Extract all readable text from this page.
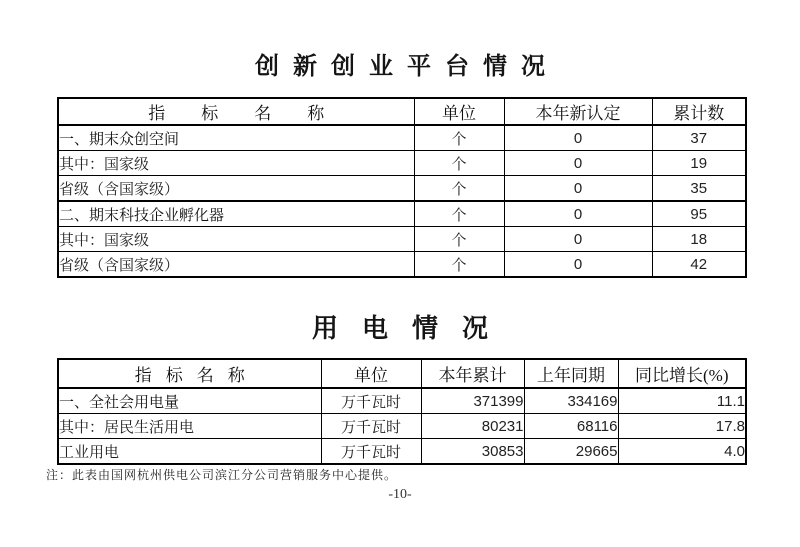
创新创业平台情况
指标名称	单位	本年新认定	累计数
一、期末众创空间	个	0	37
其中：国家级	个	0	19
省级（含国家级）	个	0	35
二、期末科技企业孵化器	个	0	95
其中：国家级	个	0	18
省级（含国家级）	个	0	42
用电情况
指标名称	单位	本年累计	上年同期	同比增长(%)
一、全社会用电量	万千瓦时	371399	334169	11.1
其中：居民生活用电	万千瓦时	80231	68116	17.8
工业用电	万千瓦时	30853	29665	4.0
注：此表由国网杭州供电公司滨江分公司营销服务中心提供。
-10-
